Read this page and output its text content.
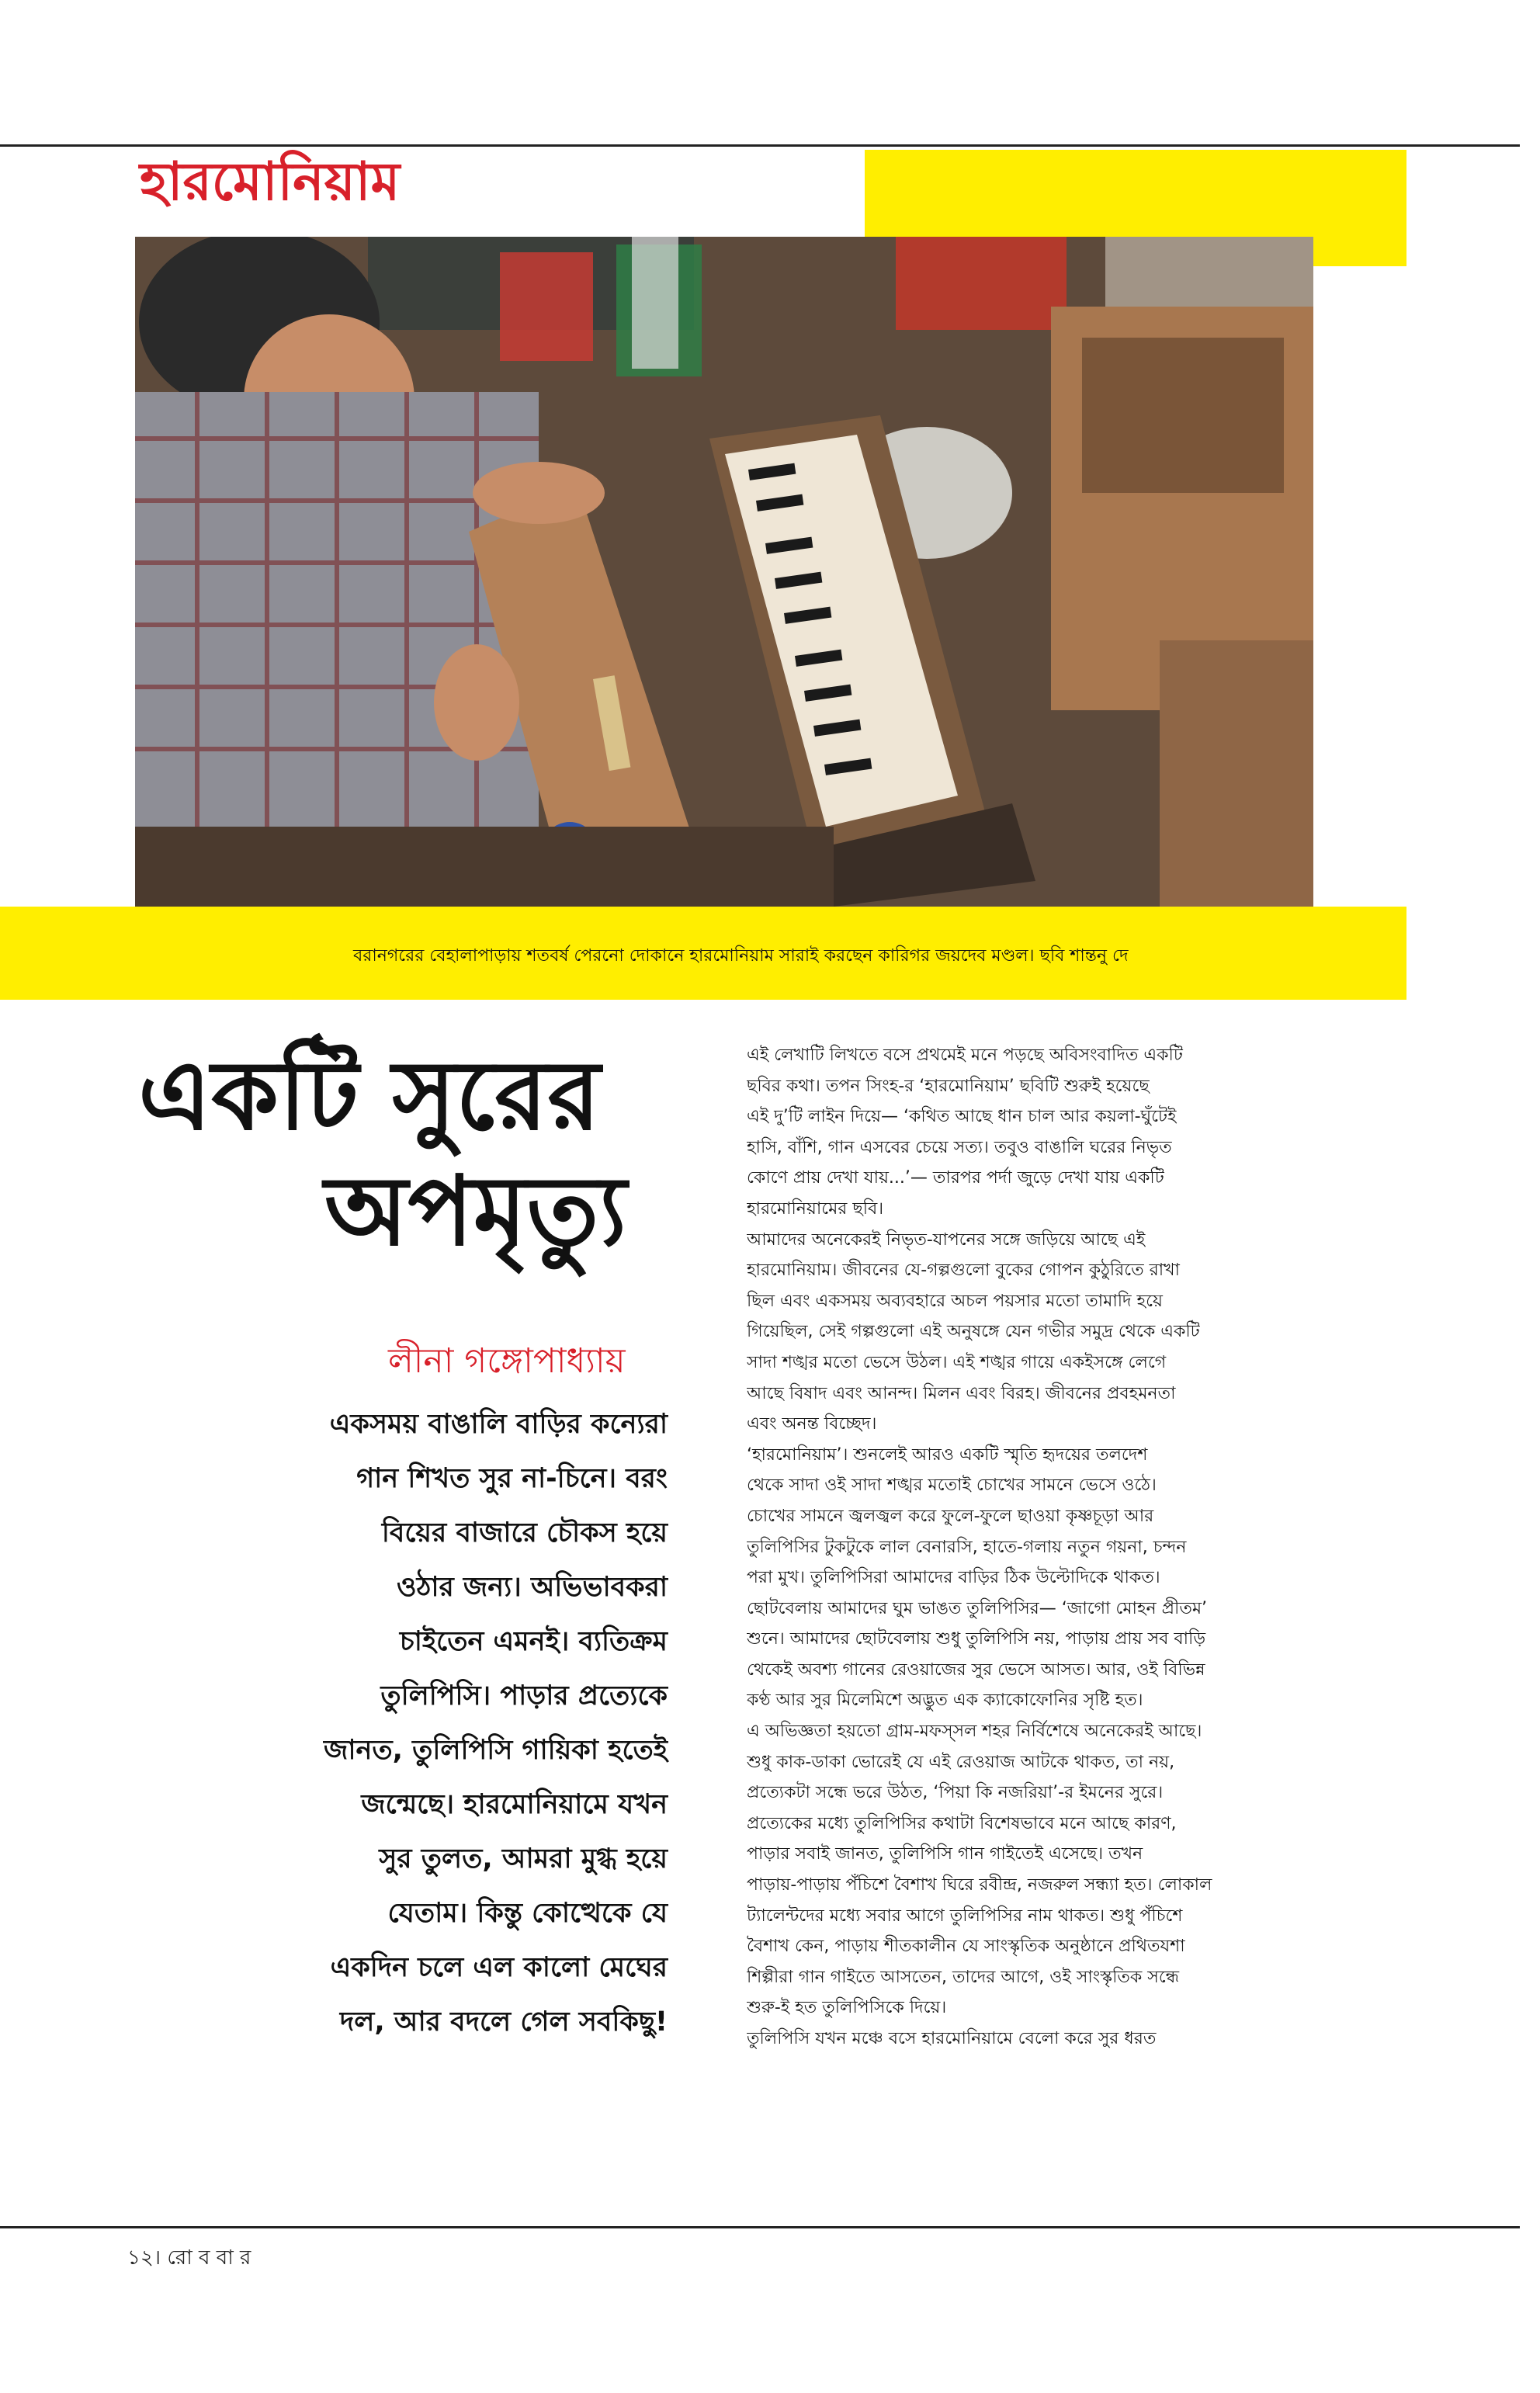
হারমোনিয়াম
বরানগরের বেহালাপাড়ায় শতবর্ষ পেরনো দোকানে হারমোনিয়াম সারাই করছেন কারিগর জয়দেব মণ্ডল। ছবি শান্তনু দে
একটি সুরের
অপমৃত্যু
লীনা গঙ্গোপাধ্যায়
একসময় বাঙালি বাড়ির কন্যেরা
গান শিখত সুর না-চিনে। বরং
বিয়ের বাজারে চৌকস হয়ে
ওঠার জন্য। অভিভাবকরা
চাইতেন এমনই। ব্যতিক্রম
তুলিপিসি। পাড়ার প্রত্যেকে
জানত, তুলিপিসি গায়িকা হতেই
জন্মেছে। হারমোনিয়ামে যখন
সুর তুলত, আমরা মুগ্ধ হয়ে
যেতাম। কিন্তু কোত্থেকে যে
একদিন চলে এল কালো মেঘের
দল, আর বদলে গেল সবকিছু!
এই লেখাটি লিখতে বসে প্রথমেই মনে পড়ছে অবিসংবাদিত একটি
ছবির কথা। তপন সিংহ-র ‘হারমোনিয়াম’ ছবিটি শুরুই হয়েছে
এই দু’টি লাইন দিয়ে— ‘কথিত আছে ধান চাল আর কয়লা-ঘুঁটেই
হাসি, বাঁশি, গান এসবের চেয়ে সত্য। তবুও বাঙালি ঘরের নিভৃত
কোণে প্রায় দেখা যায়...’— তারপর পর্দা জুড়ে দেখা যায় একটি
হারমোনিয়ামের ছবি।
আমাদের অনেকেরই নিভৃত-যাপনের সঙ্গে জড়িয়ে আছে এই
হারমোনিয়াম। জীবনের যে-গল্পগুলো বুকের গোপন কুঠুরিতে রাখা
ছিল এবং একসময় অব্যবহারে অচল পয়সার মতো তামাদি হয়ে
গিয়েছিল, সেই গল্পগুলো এই অনুষঙ্গে যেন গভীর সমুদ্র থেকে একটি
সাদা শঙ্খর মতো ভেসে উঠল। এই শঙ্খর গায়ে একইসঙ্গে লেগে
আছে বিষাদ এবং আনন্দ। মিলন এবং বিরহ। জীবনের প্রবহমনতা
এবং অনন্ত বিচ্ছেদ।
‘হারমোনিয়াম’। শুনলেই আরও একটি স্মৃতি হৃদয়ের তলদেশ
থেকে সাদা ওই সাদা শঙ্খর মতোই চোখের সামনে ভেসে ওঠে।
চোখের সামনে জ্বলজ্বল করে ফুলে-ফুলে ছাওয়া কৃষ্ণচূড়া আর
তুলিপিসির টুকটুকে লাল বেনারসি, হাতে-গলায় নতুন গয়না, চন্দন
পরা মুখ। তুলিপিসিরা আমাদের বাড়ির ঠিক উল্টোদিকে থাকত।
ছোটবেলায় আমাদের ঘুম ভাঙত তুলিপিসির— ‘জাগো মোহন প্রীতম’
শুনে। আমাদের ছোটবেলায় শুধু তুলিপিসি নয়, পাড়ায় প্রায় সব বাড়ি
থেকেই অবশ্য গানের রেওয়াজের সুর ভেসে আসত। আর, ওই বিভিন্ন
কণ্ঠ আর সুর মিলেমিশে অদ্ভুত এক ক্যাকোফোনির সৃষ্টি হত।
এ অভিজ্ঞতা হয়তো গ্রাম-মফস্সল শহর নির্বিশেষে অনেকেরই আছে।
শুধু কাক-ডাকা ভোরেই যে এই রেওয়াজ আটকে থাকত, তা নয়,
প্রত্যেকটা সন্ধে ভরে উঠত, ‘পিয়া কি নজরিয়া’-র ইমনের সুরে।
প্রত্যেকের মধ্যে তুলিপিসির কথাটা বিশেষভাবে মনে আছে কারণ,
পাড়ার সবাই জানত, তুলিপিসি গান গাইতেই এসেছে। তখন
পাড়ায়-পাড়ায় পঁচিশে বৈশাখ ঘিরে রবীন্দ্র, নজরুল সন্ধ্যা হত। লোকাল
ট্যালেন্টদের মধ্যে সবার আগে তুলিপিসির নাম থাকত। শুধু পঁচিশে
বৈশাখ কেন, পাড়ায় শীতকালীন যে সাংস্কৃতিক অনুষ্ঠানে প্রথিতযশা
শিল্পীরা গান গাইতে আসতেন, তাদের আগে, ওই সাংস্কৃতিক সন্ধে
শুরু-ই হত তুলিপিসিকে দিয়ে।
তুলিপিসি যখন মঞ্চে বসে হারমোনিয়ামে বেলো করে সুর ধরত
১২। রো ব বা র
